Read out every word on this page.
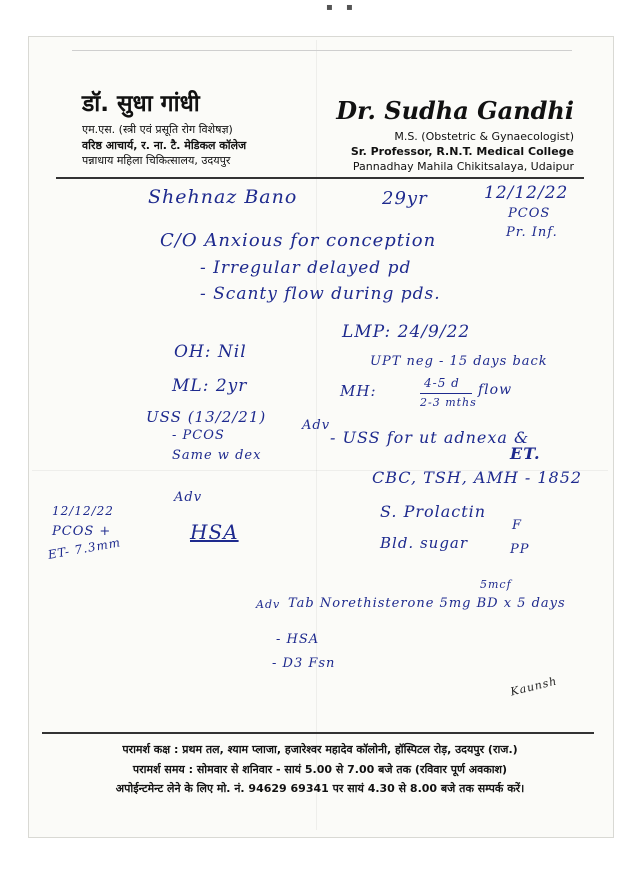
▪ ▪
डॉ. सुधा गांधी
एम.एस. (स्त्री एवं प्रसूति रोग विशेषज्ञ)
वरिष्ठ आचार्य, र. ना. टै. मेडिकल कॉलेज
पन्नाधाय महिला चिकित्सालय, उदयपुर
Dr. Sudha Gandhi
M.S. (Obstetric & Gynaecologist)
Sr. Professor, R.N.T. Medical College
Pannadhay Mahila Chikitsalaya, Udaipur
Shehnaz Bano	29yr	12/12/22
PCOS
Pr. Inf.
C/O Anxious for conception
- Irregular delayed pd
- Scanty flow during pds.
OH: Nil
LMP: 24/9/22
UPT neg - 15 days back
ML: 2yr	MH:	4-5 d
2-3 mths
flow
USS (13/2/21)
- PCOS
Same w dex
Adv
- USS for ut adnexa &
ET.
CBC, TSH, AMH - 1852
S. Prolactin
Bld. sugar
F
PP
Adv
HSA
12/12/22
PCOS +
ET- 7.3mm
5mcf
Adv Tab Norethisterone 5mg BD x 5 days
- HSA
- D3 Fsn
Kaunsh
परामर्श कक्ष : प्रथम तल, श्याम प्लाजा, हजारेश्वर महादेव कॉलोनी, हॉस्पिटल रोड़, उदयपुर (राज.)
परामर्श समय : सोमवार से शनिवार - सायं 5.00 से 7.00 बजे तक (रविवार पूर्ण अवकाश)
अपोईन्टमेन्ट लेने के लिए मो. नं. 94629 69341 पर सायं 4.30 से 8.00 बजे तक सम्पर्क करें।
